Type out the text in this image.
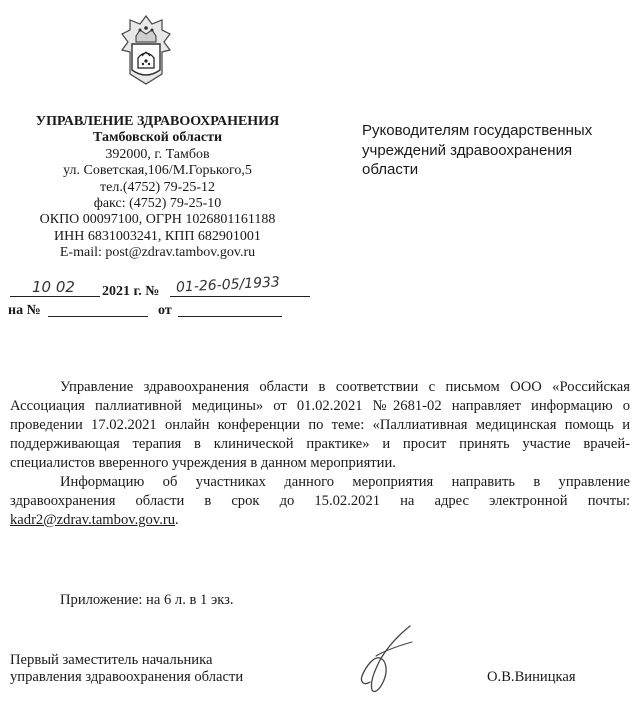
УПРАВЛЕНИЕ ЗДРАВООХРАНЕНИЯ
Тамбовской области
392000, г. Тамбов
ул. Советская,106/М.Горького,5
тел.(4752) 79-25-12
факс: (4752) 79-25-10
ОКПО 00097100, ОГРН 1026801161188
ИНН 6831003241, КПП 682901001
E-mail: post@zdrav.tambov.gov.ru
10 02 2021 г. № 01-26-05/1933
на №	от
Руководителям государственных учреждений здравоохранения области

Управление здравоохранения области в соответствии с письмом ООО «Российская Ассоциация паллиативной медицины» от 01.02.2021 №2681-02 направляет информацию о проведении 17.02.2021 онлайн конференции по теме: «Паллиативная медицинская помощь и поддерживающая терапия в клинической практике» и просит принять участие врачей-специалистов вверенного учреждения в данном мероприятии.

Информацию об участниках данного мероприятия направить в управление здравоохранения области в срок до 15.02.2021 на адрес электронной почты: kadr2@zdrav.tambov.gov.ru.

Приложение: на 6 л. в 1 экз.
Первый заместитель начальника
управления здравоохранения области	О.В.Виницкая
